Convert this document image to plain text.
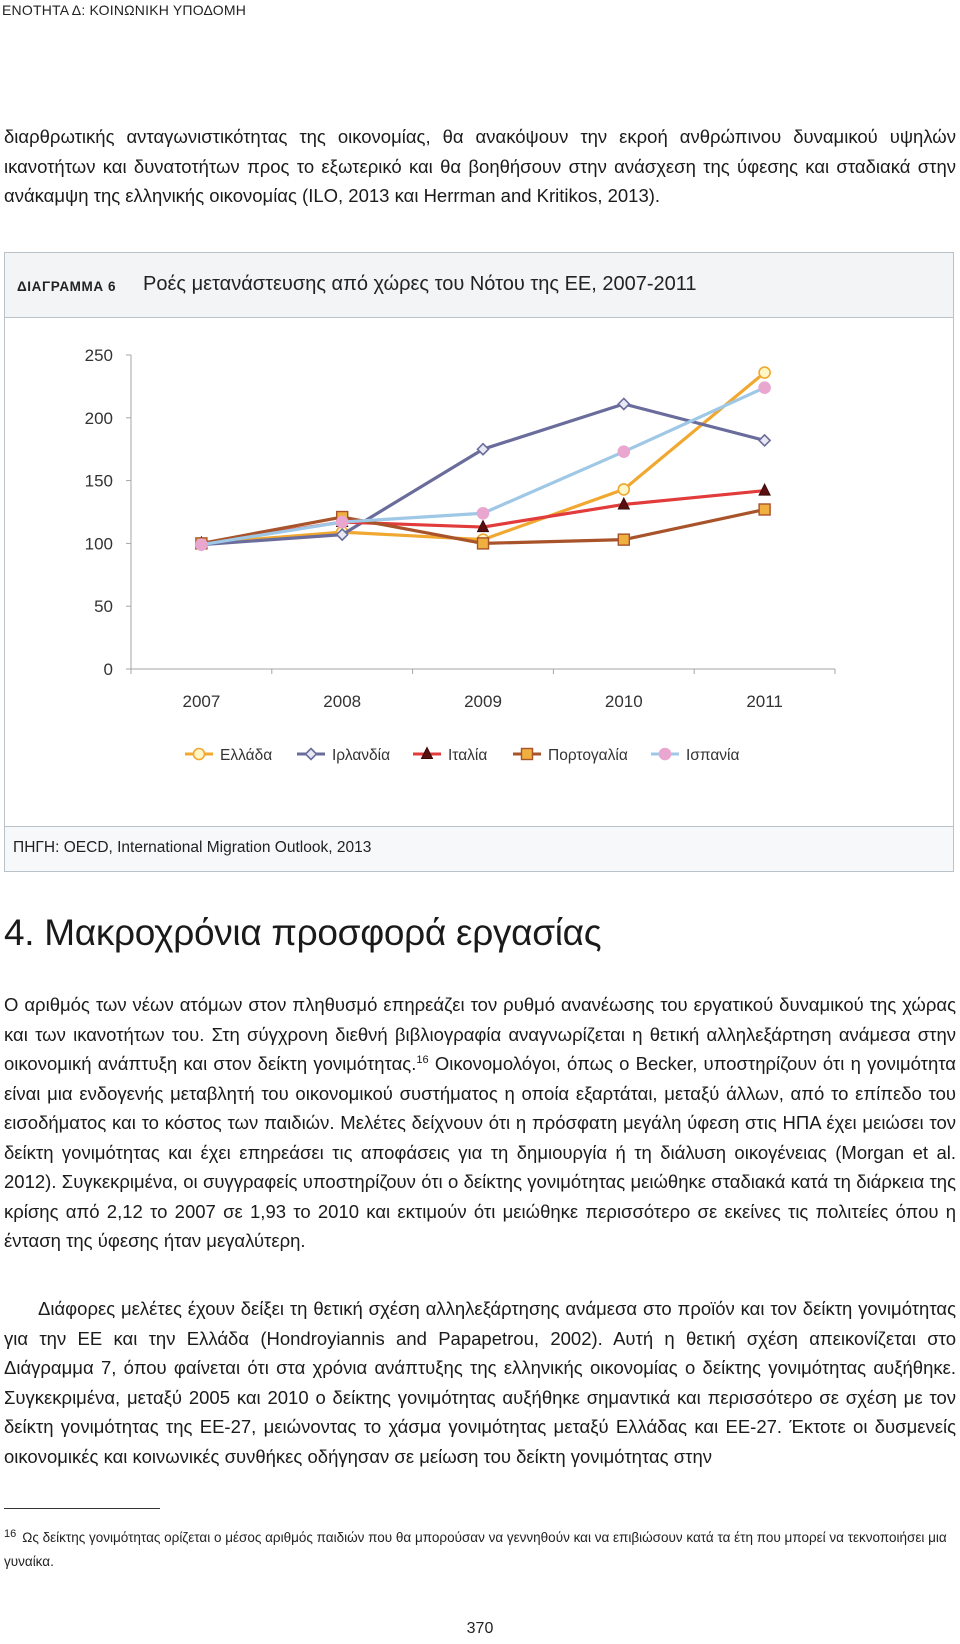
ΕΝΟΤΗΤΑ Δ: ΚΟΙΝΩΝΙΚΗ ΥΠΟΔΟΜΗ
διαρθρωτικής ανταγωνιστικότητας της οικονομίας, θα ανακόψουν την εκροή ανθρώπινου δυναμικού υψηλών ικανοτήτων και δυνατοτήτων προς το εξωτερικό και θα βοηθήσουν στην ανάσχεση της ύφεσης και σταδιακά στην ανάκαμψη της ελληνικής οικονομίας (ILO, 2013 και Herrman and Kritikos, 2013).
ΔΙΑΓΡΑΜΜΑ 6 Ροές μετανάστευσης από χώρες του Νότου της ΕΕ, 2007-2011
0
50
100
150
200
250
2007	2008	2009	2010	2011
Ελλάδα	Ιρλανδία	Ιταλία	Πορτογαλία	Ισπανία
ΠΗΓΗ: OECD, International Migration Outlook, 2013
4. Μακροχρόνια προσφορά εργασίας
Ο αριθμός των νέων ατόμων στον πληθυσμό επηρεάζει τον ρυθμό ανανέωσης του εργατικού δυναμικού της χώρας και των ικανοτήτων του. Στη σύγχρονη διεθνή βιβλιογραφία αναγνωρίζεται η θετική αλληλεξάρτηση ανάμεσα στην οικονομική ανάπτυξη και στον δείκτη γονιμότητας.$^{16}$ Οικονομολόγοι, όπως ο Becker, υποστηρίζουν ότι η γονιμότητα είναι μια ενδογενής μεταβλητή του οικονομικού συστήματος η οποία εξαρτάται, μεταξύ άλλων, από το επίπεδο του εισοδήματος και το κόστος των παιδιών. Μελέτες δείχνουν ότι η πρόσφατη μεγάλη ύφεση στις ΗΠΑ έχει μειώσει τον δείκτη γονιμότητας και έχει επηρεάσει τις αποφάσεις για τη δημιουργία ή τη διάλυση οικογένειας (Morgan et al. 2012). Συγκεκριμένα, οι συγγραφείς υποστηρίζουν ότι ο δείκτης γονιμότητας μειώθηκε σταδιακά κατά τη διάρκεια της κρίσης από 2,12 το 2007 σε 1,93 το 2010 και εκτιμούν ότι μειώθηκε περισσότερο σε εκείνες τις πολιτείες όπου η ένταση της ύφεσης ήταν μεγαλύτερη.
Διάφορες μελέτες έχουν δείξει τη θετική σχέση αλληλεξάρτησης ανάμεσα στο προϊόν και τον δείκτη γονιμότητας για την ΕΕ και την Ελλάδα (Hondroyiannis and Papapetrou, 2002). Αυτή η θετική σχέση απεικονίζεται στο Διάγραμμα 7, όπου φαίνεται ότι στα χρόνια ανάπτυξης της ελληνικής οικονομίας ο δείκτης γονιμότητας αυξήθηκε. Συγκεκριμένα, μεταξύ 2005 και 2010 ο δείκτης γονιμότητας αυξήθηκε σημαντικά και περισσότερο σε σχέση με τον δείκτη γονιμότητας της ΕΕ-27, μειώνοντας το χάσμα γονιμότητας μεταξύ Ελλάδας και ΕΕ-27. Έκτοτε οι δυσμενείς οικονομικές και κοινωνικές συνθήκες οδήγησαν σε μείωση του δείκτη γονιμότητας στην
$^{16}$ Ως δείκτης γονιμότητας ορίζεται ο μέσος αριθμός παιδιών που θα μπορούσαν να γεννηθούν και να επιβιώσουν κατά τα έτη που μπορεί να τεκνοποιήσει μια γυναίκα.
370
